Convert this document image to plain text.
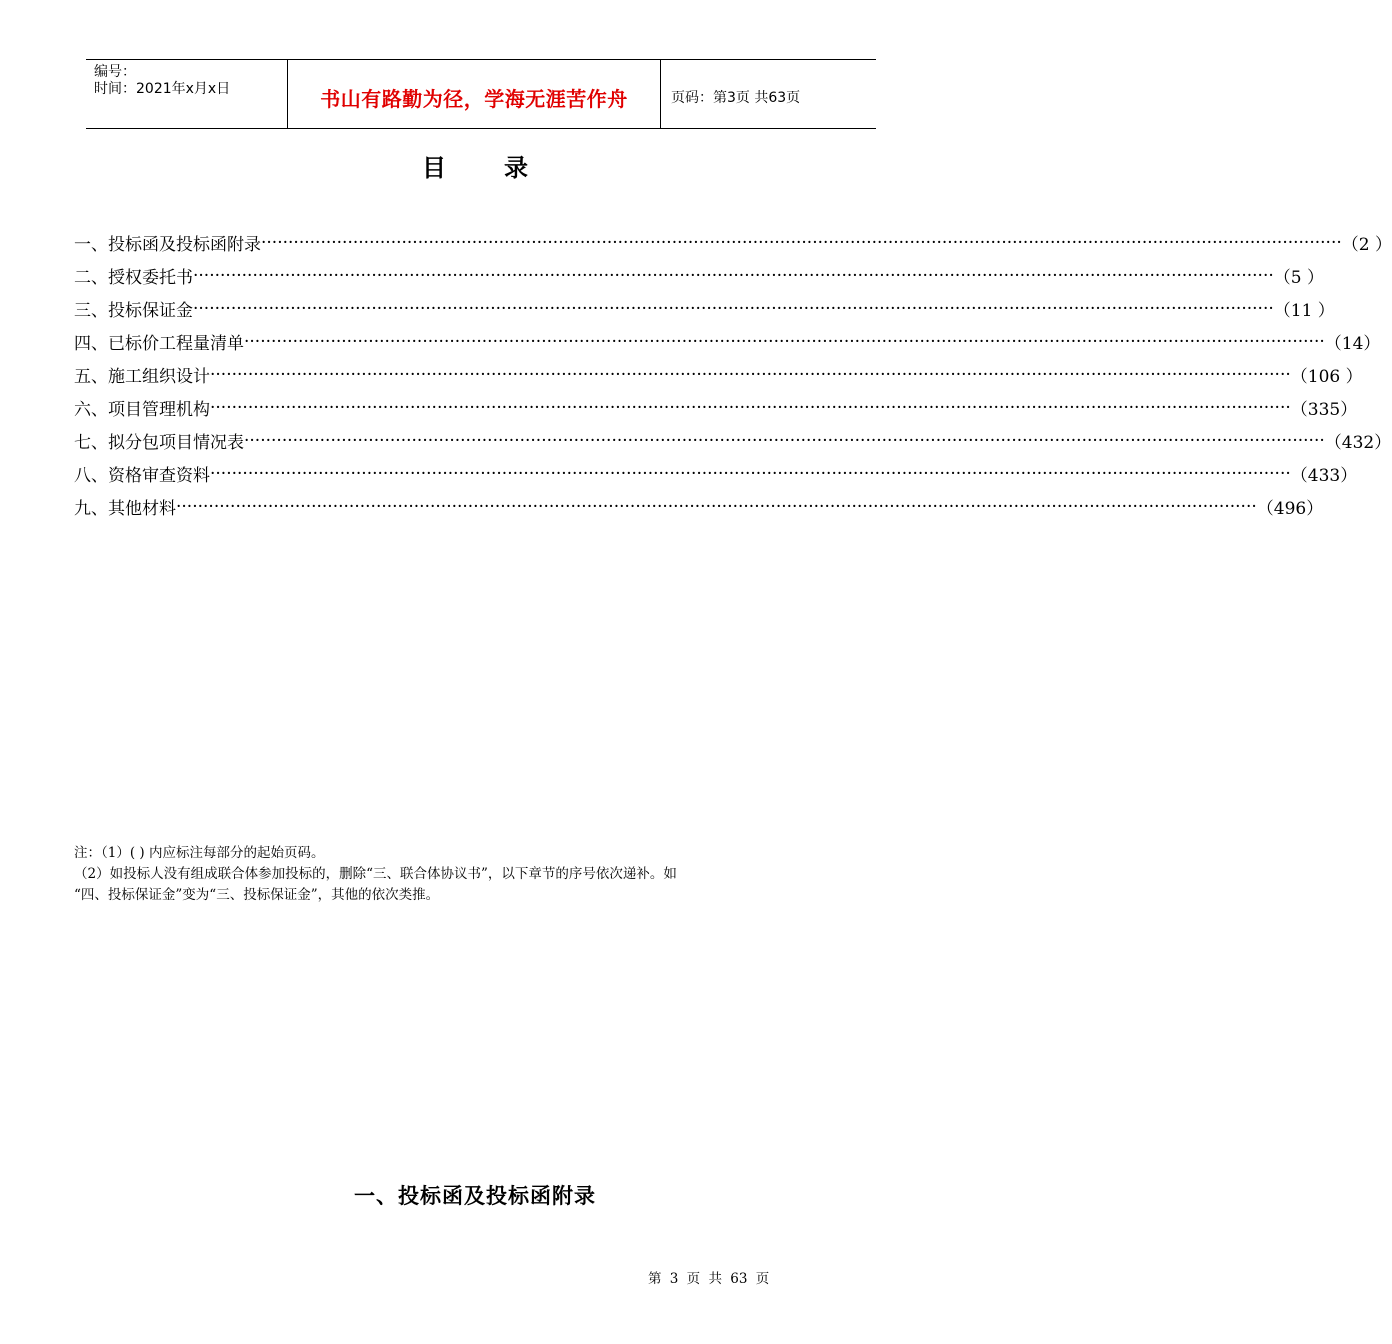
编号：
时间：2021年x月x日	书山有路勤为径，学海无涯苦作舟	页码：第3页 共63页
目录
一、投标函及投标函附录 ········································································································································································································ （2 ）
二、授权委托书 ········································································································································································································ （5 ）
三、投标保证金 ········································································································································································································ （11 ）
四、已标价工程量清单 ········································································································································································································ （14）
五、施工组织设计 ········································································································································································································ （106 ）
六、项目管理机构 ········································································································································································································ （335）
七、拟分包项目情况表 ········································································································································································································ （432）
八、资格审查资料 ········································································································································································································ （433）
九、其他材料 ········································································································································································································ （496）
注：（1）( ) 内应标注每部分的起始页码。
（2）如投标人没有组成联合体参加投标的，删除“三、联合体协议书”，以下章节的序号依次递补。如
“四、投标保证金”变为“三、投标保证金”，其他的依次类推。
一、投标函及投标函附录
第 3 页 共 63 页
